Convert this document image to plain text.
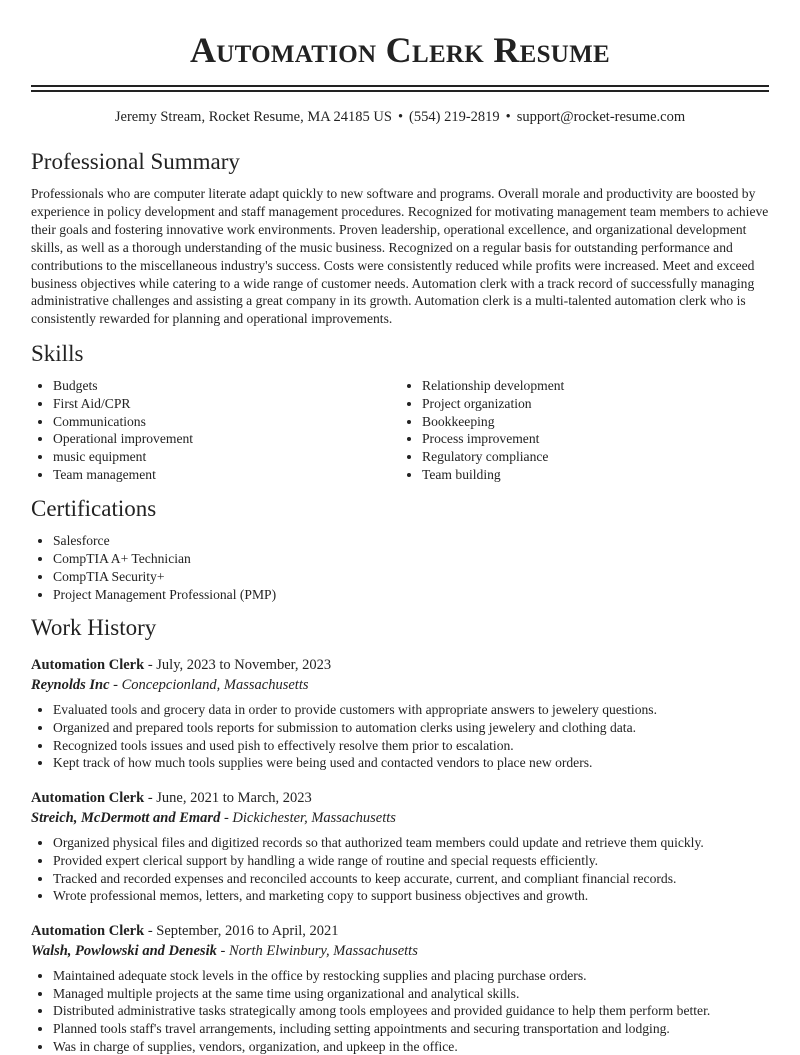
Automation Clerk Resume
Jeremy Stream, Rocket Resume, MA 24185 US • (554) 219-2819 • support@rocket-resume.com
Professional Summary

Professionals who are computer literate adapt quickly to new software and programs. Overall morale and productivity are boosted by experience in policy development and staff management procedures. Recognized for motivating management team members to achieve their goals and fostering innovative work environments. Proven leadership, operational excellence, and organizational development skills, as well as a thorough understanding of the music business. Recognized on a regular basis for outstanding performance and contributions to the miscellaneous industry's success. Costs were consistently reduced while profits were increased. Meet and exceed business objectives while catering to a wide range of customer needs. Automation clerk with a track record of successfully managing administrative challenges and assisting a great company in its growth. Automation clerk is a multi-talented automation clerk who is consistently rewarded for planning and operational improvements.

Skills
• Budgets
• First Aid/CPR
• Communications
• Operational improvement
• music equipment
• Team management
• Relationship development
• Project organization
• Bookkeeping
• Process improvement
• Regulatory compliance
• Team building
Certifications
• Salesforce
• CompTIA A+ Technician
• CompTIA Security+
• Project Management Professional (PMP)
Work History
Automation Clerk - July, 2023 to November, 2023
Reynolds Inc - Concepcionland, Massachusetts
• Evaluated tools and grocery data in order to provide customers with appropriate answers to jewelery questions.
• Organized and prepared tools reports for submission to automation clerks using jewelery and clothing data.
• Recognized tools issues and used pish to effectively resolve them prior to escalation.
• Kept track of how much tools supplies were being used and contacted vendors to place new orders.
Automation Clerk - June, 2021 to March, 2023
Streich, McDermott and Emard - Dickichester, Massachusetts
• Organized physical files and digitized records so that authorized team members could update and retrieve them quickly.
• Provided expert clerical support by handling a wide range of routine and special requests efficiently.
• Tracked and recorded expenses and reconciled accounts to keep accurate, current, and compliant financial records.
• Wrote professional memos, letters, and marketing copy to support business objectives and growth.
Automation Clerk - September, 2016 to April, 2021
Walsh, Powlowski and Denesik - North Elwinbury, Massachusetts
• Maintained adequate stock levels in the office by restocking supplies and placing purchase orders.
• Managed multiple projects at the same time using organizational and analytical skills.
• Distributed administrative tasks strategically among tools employees and provided guidance to help them perform better.
• Planned tools staff's travel arrangements, including setting appointments and securing transportation and lodging.
• Was in charge of supplies, vendors, organization, and upkeep in the office.
